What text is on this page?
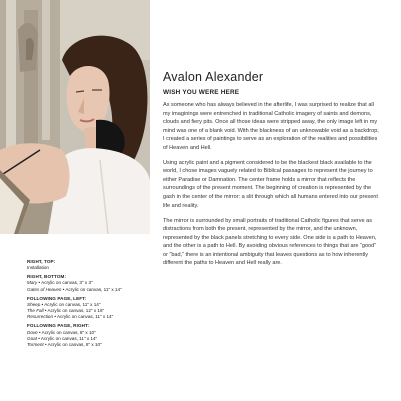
RIGHT, TOP:
Installation
RIGHT, BOTTOM:
Mary • Acrylic on canvas, 3" x 3"
Gates of Heaven • Acrylic on canvas, 11" x 14"
FOLLOWING PAGE, LEFT:
Sheep • Acrylic on canvas, 11" x 14"
The Fall • Acrylic on canvas, 12" x 16"
Resurrection • Acrylic on canvas, 11" x 14"
FOLLOWING PAGE, RIGHT:
Dove • Acrylic on canvas, 8" x 10"
Goat • Acrylic on canvas, 11" x 14"
Torment • Acrylic on canvas, 8" x 10"
Avalon Alexander
WISH YOU WERE HERE

As someone who has always believed in the afterlife, I was surprised to realize that all my imaginings were entrenched in traditional Catholic imagery of saints and demons, clouds and fiery pits. Once all those ideas were stripped away, the only image left in my mind was one of a blank void. With the blackness of an unknowable void as a backdrop, I created a series of paintings to serve as an exploration of the realities and possibilities of Heaven and Hell.

Using acrylic paint and a pigment considered to be the blackest black available to the world, I chose images vaguely related to Biblical passages to represent the journey to either Paradise or Damnation. The center frame holds a mirror that reflects the surroundings of the present moment. The beginning of creation is represented by the gash in the center of the mirror: a slit through which all humans entered into our present life and reality.

The mirror is surrounded by small portraits of traditional Catholic figures that serve as distractions from both the present, represented by the mirror, and the unknown, represented by the black panels stretching to every side. One side is a path to Heaven, and the other is a path to Hell. By avoiding obvious references to things that are “good” or “bad,” there is an intentional ambiguity that leaves questions as to how inherently different the paths to Heaven and Hell really are.
